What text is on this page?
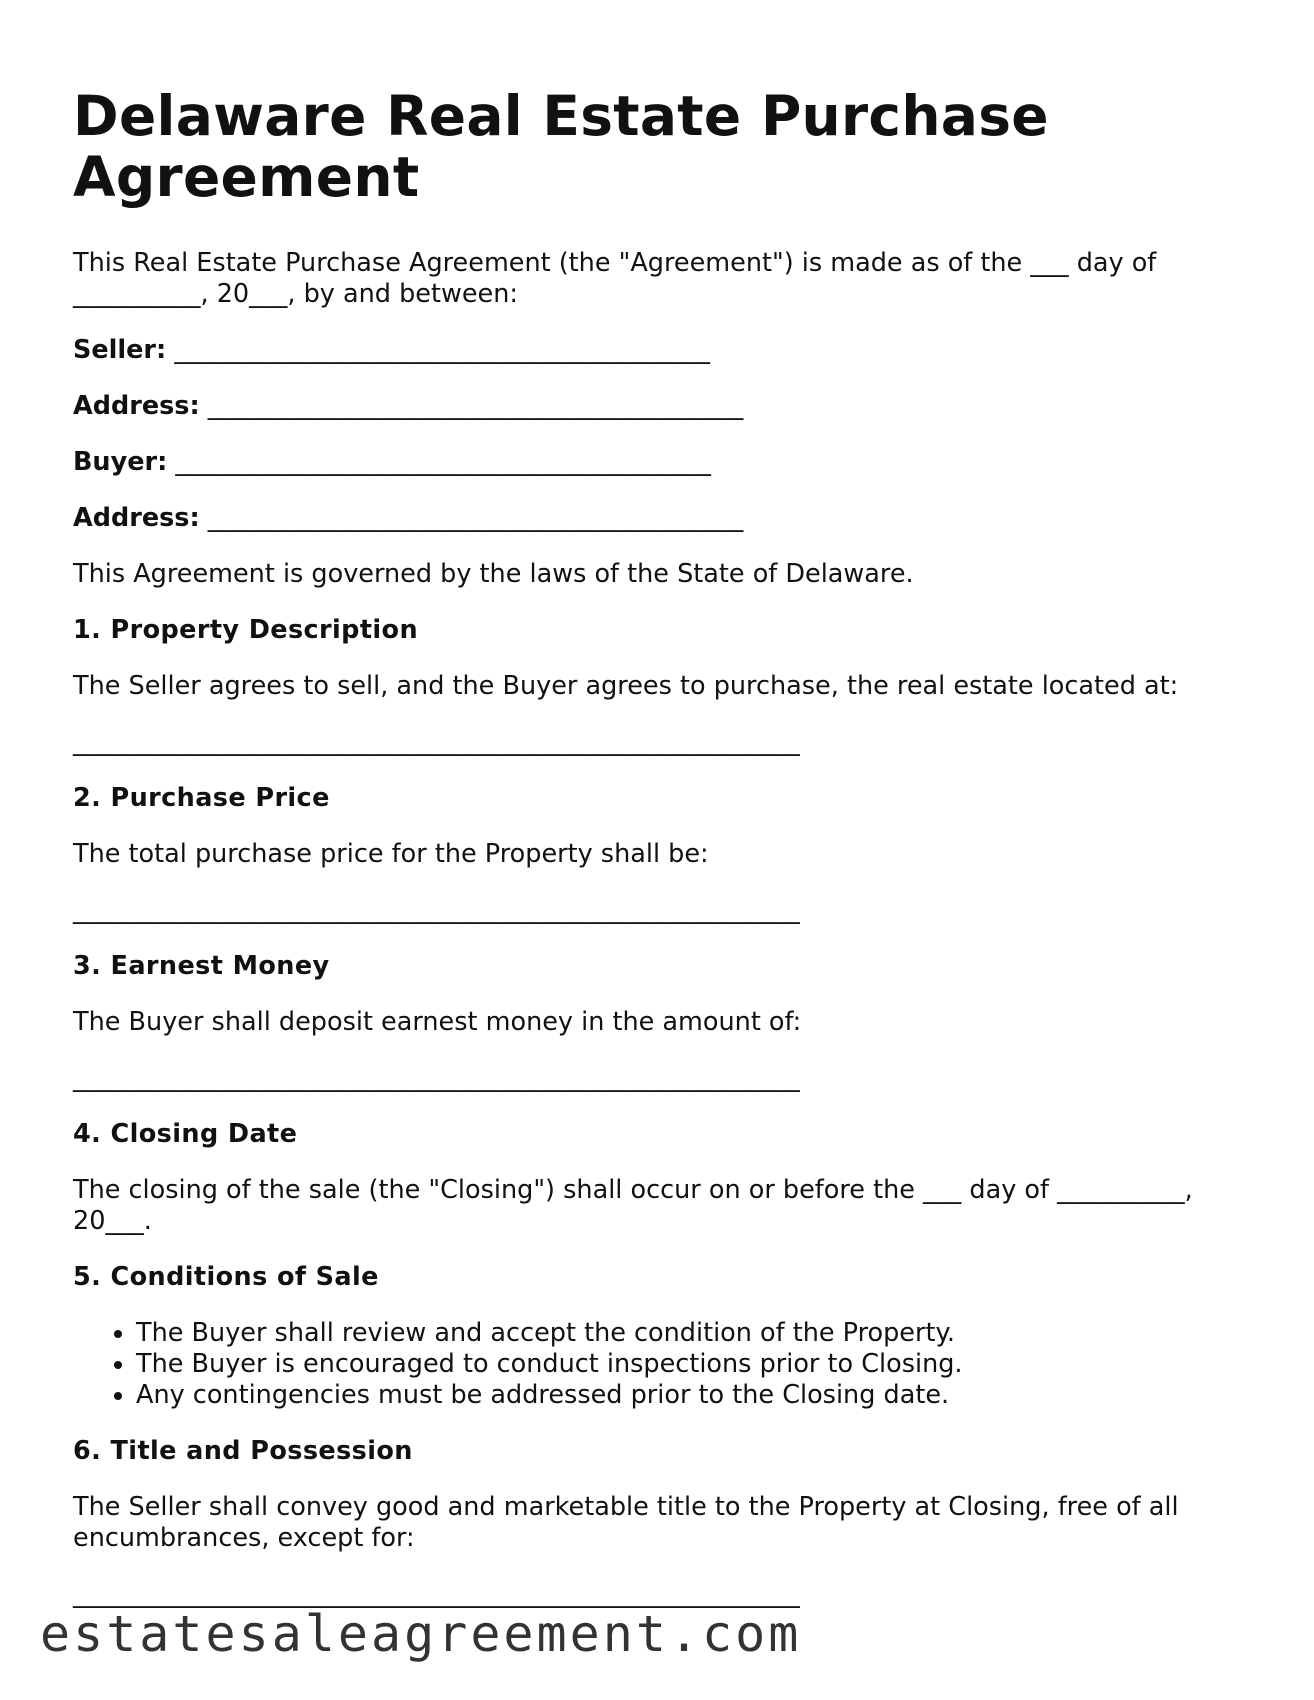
Delaware Real Estate Purchase Agreement

This Real Estate Purchase Agreement (the "Agreement") is made as of the ___ day of __________, 20___, by and between:

Seller: __________________________________________
Address: __________________________________________
Buyer: __________________________________________
Address: __________________________________________

This Agreement is governed by the laws of the State of Delaware.

1. Property Description

The Seller agrees to sell, and the Buyer agrees to purchase, the real estate located at:

_________________________________________________________
2. Purchase Price

The total purchase price for the Property shall be:

_________________________________________________________
3. Earnest Money

The Buyer shall deposit earnest money in the amount of:

_________________________________________________________
4. Closing Date

The closing of the sale (the "Closing") shall occur on or before the ___ day of __________, 20___.

5. Conditions of Sale
• The Buyer shall review and accept the condition of the Property.
• The Buyer is encouraged to conduct inspections prior to Closing.
• Any contingencies must be addressed prior to the Closing date.
6. Title and Possession

The Seller shall convey good and marketable title to the Property at Closing, free of all encumbrances, except for:

_________________________________________________________
estatesaleagreement.com
